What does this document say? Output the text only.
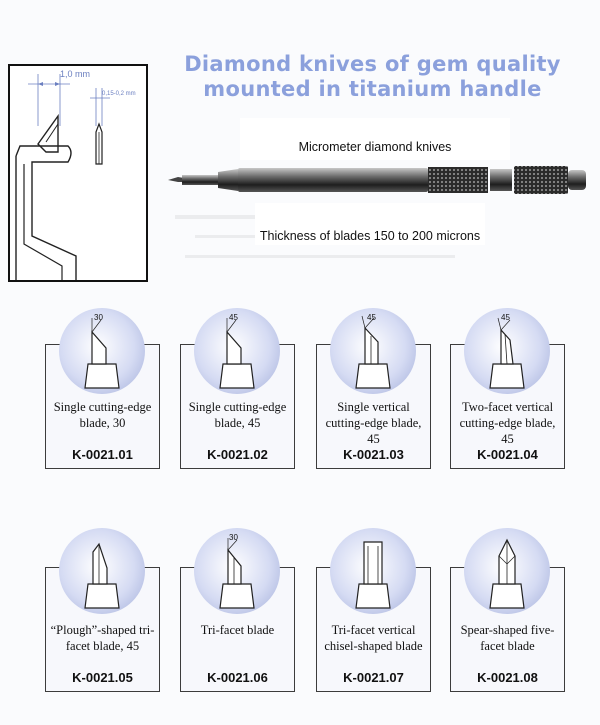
Diamond knives of gem quality
mounted in titanium handle
1,0 mm
0,15-0,2 mm
Micrometer diamond knives
Thickness of blades 150 to 200 microns
Single cutting-edge blade, 30
K-0021.01
30
Single cutting-edge blade, 45
K-0021.02
45
Single vertical cutting-edge blade, 45
K-0021.03
45
Two-facet vertical cutting-edge blade, 45
K-0021.04
45
“Plough”-shaped tri-facet blade, 45
K-0021.05
Tri-facet blade
K-0021.06
30
Tri-facet vertical chisel-shaped blade
K-0021.07
Spear-shaped five-facet blade
K-0021.08
